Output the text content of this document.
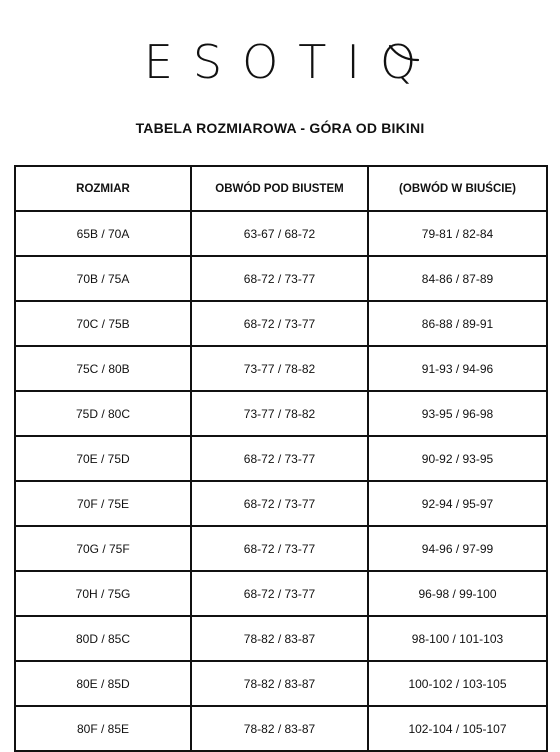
ESOTIQ
TABELA ROZMIAROWA - GÓRA OD BIKINI
ROZMIAR	OBWÓD POD BIUSTEM	(OBWÓD W BIUŚCIE)
65B / 70A	63-67 / 68-72	79-81 / 82-84
70B / 75A	68-72 / 73-77	84-86 / 87-89
70C / 75B	68-72 / 73-77	86-88 / 89-91
75C / 80B	73-77 / 78-82	91-93 / 94-96
75D / 80C	73-77 / 78-82	93-95 / 96-98
70E / 75D	68-72 / 73-77	90-92 / 93-95
70F / 75E	68-72 / 73-77	92-94 / 95-97
70G / 75F	68-72 / 73-77	94-96 / 97-99
70H / 75G	68-72 / 73-77	96-98 / 99-100
80D / 85C	78-82 / 83-87	98-100 / 101-103
80E / 85D	78-82 / 83-87	100-102 / 103-105
80F / 85E	78-82 / 83-87	102-104 / 105-107
